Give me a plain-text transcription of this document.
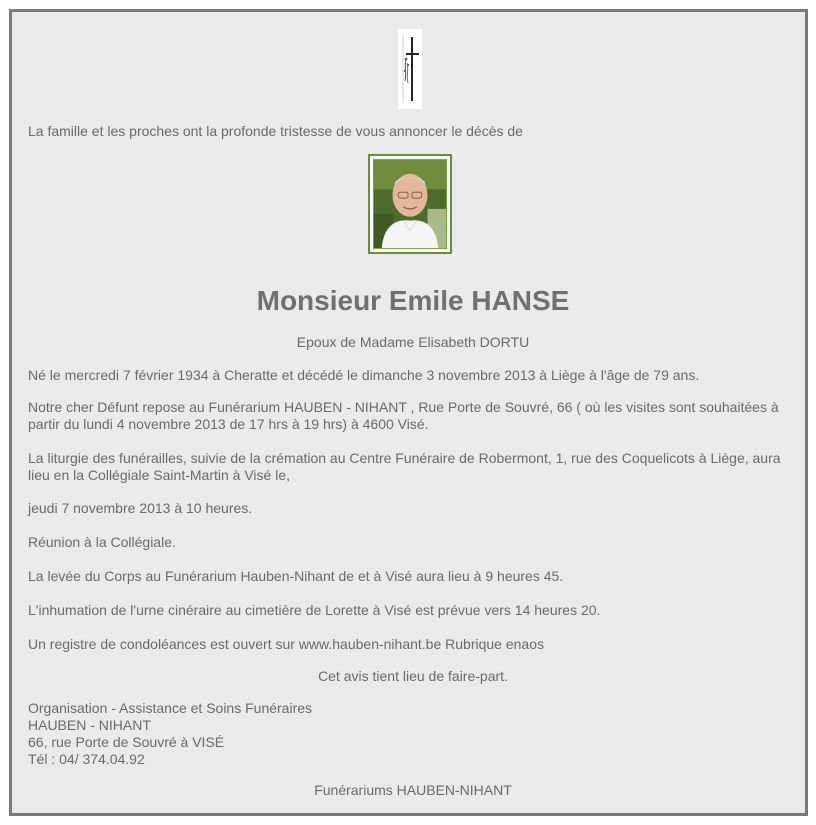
La famille et les proches ont la profonde tristesse de vous annoncer le décès de
Monsieur Emile HANSE
Epoux de Madame Elisabeth DORTU
Né le mercredi 7 février 1934 à Cheratte et décédé le dimanche 3 novembre 2013 à Liège à l'âge de 79 ans.
Notre cher Défunt repose au Funérarium HAUBEN - NIHANT , Rue Porte de Souvré, 66 ( où les visites sont souhaitées à partir du lundi 4 novembre 2013 de 17 hrs à 19 hrs) à 4600 Visé.
La liturgie des funérailles, suivie de la crémation au Centre Funéraire de Robermont, 1, rue des Coquelicots à Liège, aura lieu en la Collégiale Saint-Martin à Visé le,
jeudi 7 novembre 2013 à 10 heures.
Réunion à la Collégiale.
La levée du Corps au Funérarium Hauben-Nihant de et à Visé aura lieu à 9 heures 45.
L'inhumation de l'urne cinéraire au cimetière de Lorette à Visé est prévue vers 14 heures 20.
Un registre de condoléances est ouvert sur www.hauben-nihant.be Rubrique enaos
Cet avis tient lieu de faire-part.
Organisation - Assistance et Soins Funéraires
HAUBEN - NIHANT
66, rue Porte de Souvré à VISÉ
Tél : 04/ 374.04.92
Funérariums HAUBEN-NIHANT
